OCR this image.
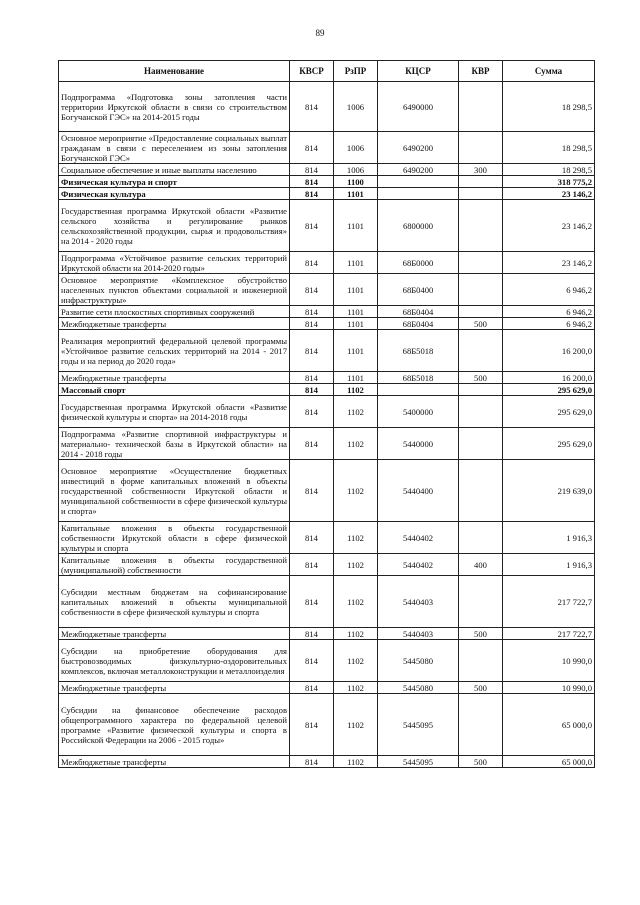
89
Наименование	КВСР	РзПР	КЦСР	КВР	Сумма
Подпрограмма «Подготовка зоны затопления части территории Иркутской области в связи со строительством Богучанской ГЭС» на 2014-2015 годы	814	1006	6490000		18 298,5
Основное мероприятие «Предоставление социальных выплат гражданам в связи с переселением из зоны затопления Богучанской ГЭС»	814	1006	6490200		18 298,5
Социальное обеспечение и иные выплаты населению	814	1006	6490200	300	18 298,5
Физическая культура и спорт	814	1100			318 775,2
Физическая культура	814	1101			23 146,2
Государственная программа Иркутской области «Развитие сельского хозяйства и регулирование рынков сельскохозяйственной продукции, сырья и продовольствия» на 2014 - 2020 годы	814	1101	6800000		23 146,2
Подпрограмма «Устойчивое развитие сельских территорий Иркутской области на 2014-2020 годы»	814	1101	68Б0000		23 146,2
Основное мероприятие «Комплексное обустройство населенных пунктов объектами социальной и инженерной инфраструктуры»	814	1101	68Б0400		6 946,2
Развитие сети плоскостных спортивных сооружений	814	1101	68Б0404		6 946,2
Межбюджетные трансферты	814	1101	68Б0404	500	6 946,2
Реализация мероприятий федеральной целевой программы «Устойчивое развитие сельских территорий на 2014 - 2017 годы и на период до 2020 года»	814	1101	68Б5018		16 200,0
Межбюджетные трансферты	814	1101	68Б5018	500	16 200,0
Массовый спорт	814	1102			295 629,0
Государственная программа Иркутской области «Развитие физической культуры и спорта» на 2014-2018 годы	814	1102	5400000		295 629,0
Подпрограмма «Развитие спортивной инфраструктуры и материально- технической базы в Иркутской области» на 2014 - 2018 годы	814	1102	5440000		295 629,0
Основное мероприятие «Осуществление бюджетных инвестиций в форме капитальных вложений в объекты государственной собственности Иркутской области и муниципальной собственности в сфере физической культуры и спорта»	814	1102	5440400		219 639,0
Капитальные вложения в объекты государственной собственности Иркутской области в сфере физической культуры и спорта	814	1102	5440402		1 916,3
Капитальные вложения в объекты государственной (муниципальной) собственности	814	1102	5440402	400	1 916,3
Субсидии местным бюджетам на софинансирование капитальных вложений в объекты муниципальной собственности в сфере физической культуры и спорта	814	1102	5440403		217 722,7
Межбюджетные трансферты	814	1102	5440403	500	217 722,7
Субсидии на приобретение оборудования для быстровозводимых физкультурно-оздоровительных комплексов, включая металлоконструкции и металлоизделия	814	1102	5445080		10 990,0
Межбюджетные трансферты	814	1102	5445080	500	10 990,0
Субсидии на финансовое обеспечение расходов общепрограммного характера по федеральной целевой программе «Развитие физической культуры и спорта в Российской Федерации на 2006 - 2015 годы»	814	1102	5445095		65 000,0
Межбюджетные трансферты	814	1102	5445095	500	65 000,0
